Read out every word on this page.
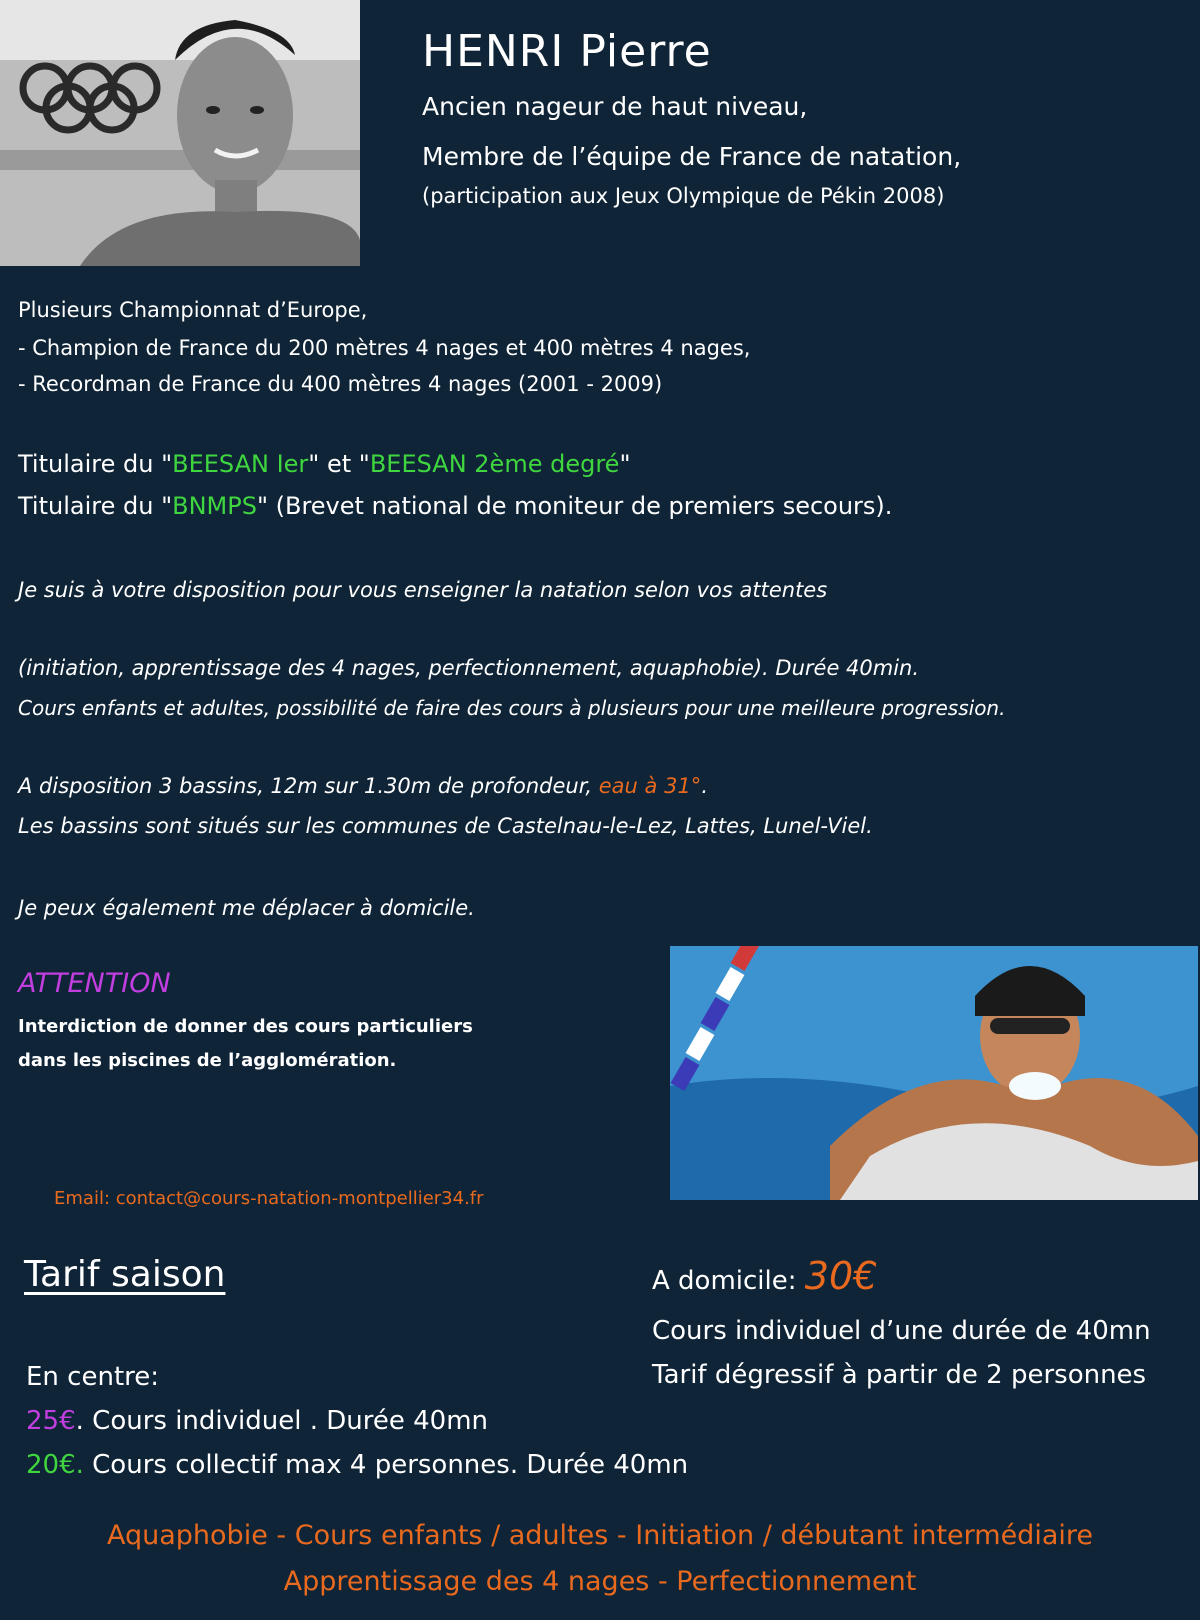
HENRI Pierre
Ancien nageur de haut niveau,
Membre de l’équipe de France de natation,
(participation aux Jeux Olympique de Pékin 2008)
Plusieurs Championnat d’Europe,
- Champion de France du 200 mètres 4 nages et 400 mètres 4 nages,
- Recordman de France du 400 mètres 4 nages (2001 - 2009)
Titulaire du "BEESAN Ier" et "BEESAN 2ème degré"
Titulaire du "BNMPS" (Brevet national de moniteur de premiers secours).
Je suis à votre disposition pour vous enseigner la natation selon vos attentes
(initiation, apprentissage des 4 nages, perfectionnement, aquaphobie). Durée 40min.
Cours enfants et adultes, possibilité de faire des cours à plusieurs pour une meilleure progression.
A disposition 3 bassins, 12m sur 1.30m de profondeur, eau à 31°.
Les bassins sont situés sur les communes de Castelnau-le-Lez, Lattes, Lunel-Viel.
Je peux également me déplacer à domicile.
ATTENTION
Interdiction de donner des cours particuliers
dans les piscines de l’agglomération.
Email: contact@cours-natation-montpellier34.fr
Tarif saison	A domicile: 30€
Cours individuel d’une durée de 40mn
Tarif dégressif à partir de 2 personnes
En centre:
25€. Cours individuel . Durée 40mn
20€. Cours collectif max 4 personnes. Durée 40mn
Aquaphobie - Cours enfants / adultes - Initiation / débutant intermédiaire
Apprentissage des 4 nages - Perfectionnement
